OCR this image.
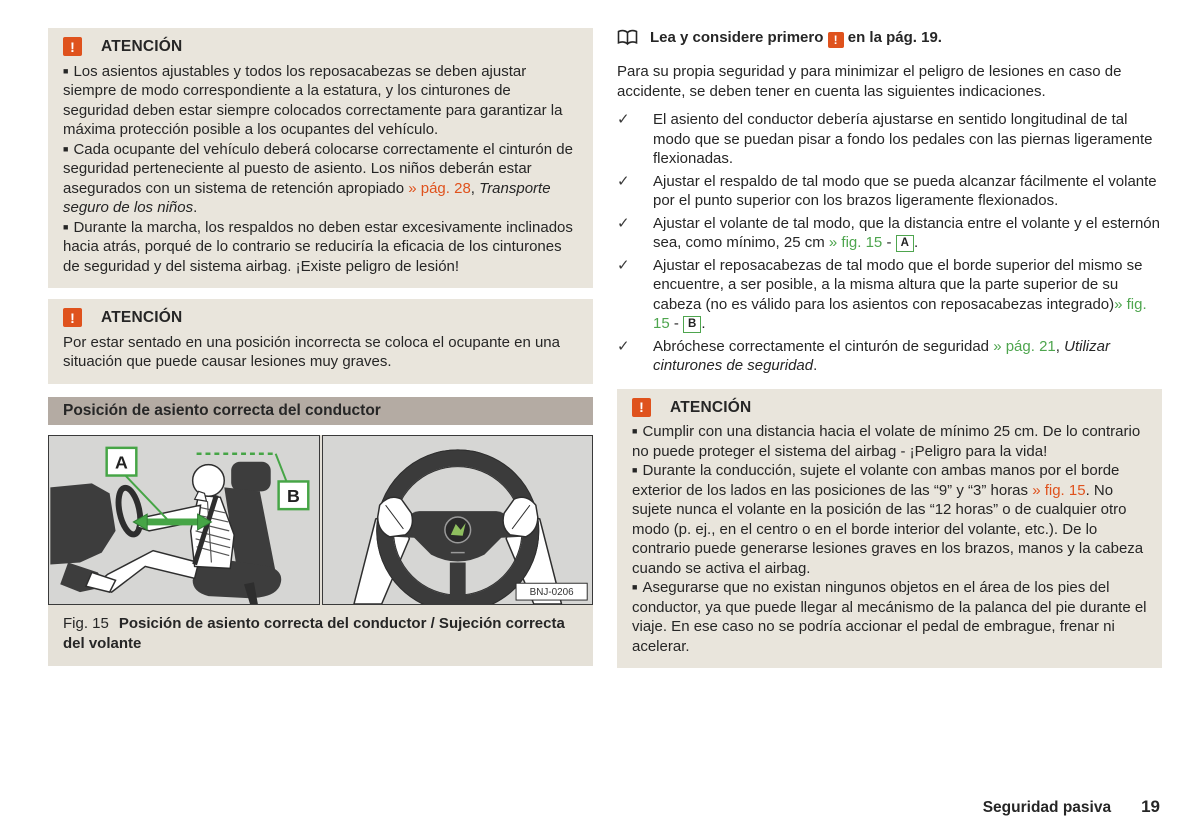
!	ATENCIÓN

■ Los asientos ajustables y todos los reposacabezas se deben ajustar siempre de modo correspondiente a la estatura, y los cinturones de seguridad deben estar siempre colocados correctamente para garantizar la máxima protección posible a los ocupantes del vehículo.

■ Cada ocupante del vehículo deberá colocarse correctamente el cinturón de seguridad perteneciente al puesto de asiento. Los niños deberán estar asegurados con un sistema de retención apropiado » pág. 28, Transporte seguro de los niños.

■ Durante la marcha, los respaldos no deben estar excesivamente inclinados hacia atrás, porqué de lo contrario se reduciría la eficacia de los cinturones de seguridad y del sistema airbag. ¡Existe peligro de lesión!

!	ATENCIÓN

Por estar sentado en una posición incorrecta se coloca el ocupante en una situación que puede causar lesiones muy graves.

Posición de asiento correcta del conductor
A
B
BNJ-0206
Fig. 15 Posición de asiento correcta del conductor / Sujeción correcta del volante
Lea y considere primero ! en la pág. 19.

Para su propia seguridad y para minimizar el peligro de lesiones en caso de accidente, se deben tener en cuenta las siguientes indicaciones.

✓	El asiento del conductor debería ajustarse en sentido longitudinal de tal modo que se puedan pisar a fondo los pedales con las piernas ligeramente flexionadas.
✓	Ajustar el respaldo de tal modo que se pueda alcanzar fácilmente el volante por el punto superior con los brazos ligeramente flexionados.
✓	Ajustar el volante de tal modo, que la distancia entre el volante y el esternón sea, como mínimo, 25 cm » fig. 15 - A .
✓	Ajustar el reposacabezas de tal modo que el borde superior del mismo se encuentre, a ser posible, a la misma altura que la parte superior de su cabeza (no es válido para los asientos con reposacabezas integrado)» fig. 15 - B .
✓	Abróchese correctamente el cinturón de seguridad » pág. 21, Utilizar cinturones de seguridad.
!	ATENCIÓN

■ Cumplir con una distancia hacia el volate de mínimo 25 cm. De lo contrario no puede proteger el sistema del airbag - ¡Peligro para la vida!

■ Durante la conducción, sujete el volante con ambas manos por el borde exterior de los lados en las posiciones de las “9” y “3” horas » fig. 15. No sujete nunca el volante en la posición de las “12 horas” o de cualquier otro modo (p. ej., en el centro o en el borde interior del volante, etc.). De lo contrario puede generarse lesiones graves en los brazos, manos y la cabeza cuando se activa el airbag.

■ Asegurarse que no existan ningunos objetos en el área de los pies del conductor, ya que puede llegar al mecánismo de la palanca del pie durante el viaje. En ese caso no se podría accionar el pedal de embrague, frenar ni acelerar.

Seguridad pasiva 19
